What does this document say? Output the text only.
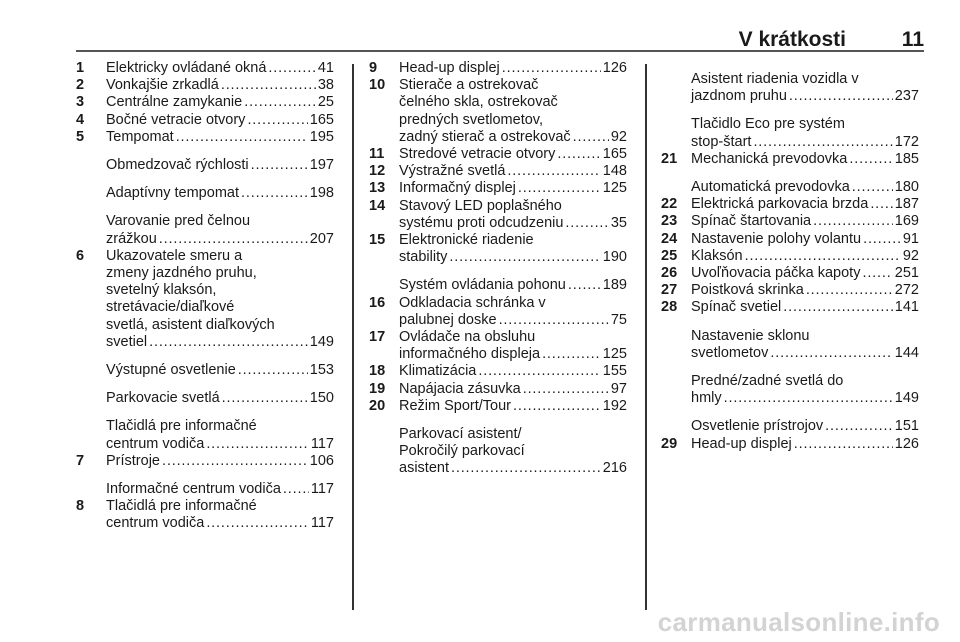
V krátkosti	11
1	Elektricky ovládané okná . . .	41
2	Vonkajšie zrkadlá . . .	38
3	Centrálne zamykanie . . .	25
4	Bočné vetracie otvory . . .	165
5	Tempomat . . .	195
Obmedzovač rýchlosti . . .	197
Adaptívny tempomat . . .	198
Varovanie pred čelnou
zrážkou . . .	207
6	Ukazovatele smeru a
zmeny jazdného pruhu,
svetelný klaksón,
stretávacie/diaľkové
svetlá, asistent diaľkových
svetiel . . .	149
Výstupné osvetlenie . . .	153
Parkovacie svetlá . . .	150
Tlačidlá pre informačné
centrum vodiča . . .	117
7	Prístroje . . .	106
Informačné centrum vodiča . . . 117
8	Tlačidlá pre informačné
centrum vodiča . . .	117
9	Head-up displej . . .	126
10 Stierače a ostrekovač
čelného skla, ostrekovač
predných svetlometov,
zadný stierač a ostrekovač . . .	92
11	Stredové vetracie otvory . . .	165
12 Výstražné svetlá . . .	148
13 Informačný displej . . .	125
14 Stavový LED poplašného
systému proti odcudzeniu . . .	35
15 Elektronické riadenie
stability . . .	190
Systém ovládania pohonu . . .	189
16 Odkladacia schránka v
palubnej doske . . .	75
17 Ovládače na obsluhu
informačného displeja . . .	125
18 Klimatizácia . . .	155
19 Napájacia zásuvka . . .	97
20 Režim Sport/Tour . . .	192
Parkovací asistent/
Pokročilý parkovací
asistent . . .	216
Asistent riadenia vozidla v
jazdnom pruhu . . .	237
Tlačidlo Eco pre systém
stop-štart . . .	172
21 Mechanická prevodovka . . .	185
Automatická prevodovka . . .	180
22 Elektrická parkovacia brzda . . . 187
23 Spínač štartovania . . .	169
24 Nastavenie polohy volantu . . .	91
25 Klaksón . . .	92
26 Uvoľňovacia páčka kapoty . . . 251
27 Poistková skrinka . . .	272
28 Spínač svetiel . . .	141
Nastavenie sklonu
svetlometov . . .	144
Predné/zadné svetlá do
hmly . . .	149
Osvetlenie prístrojov . . .	151
29 Head-up displej . . .	126
carmanualsonline.info
